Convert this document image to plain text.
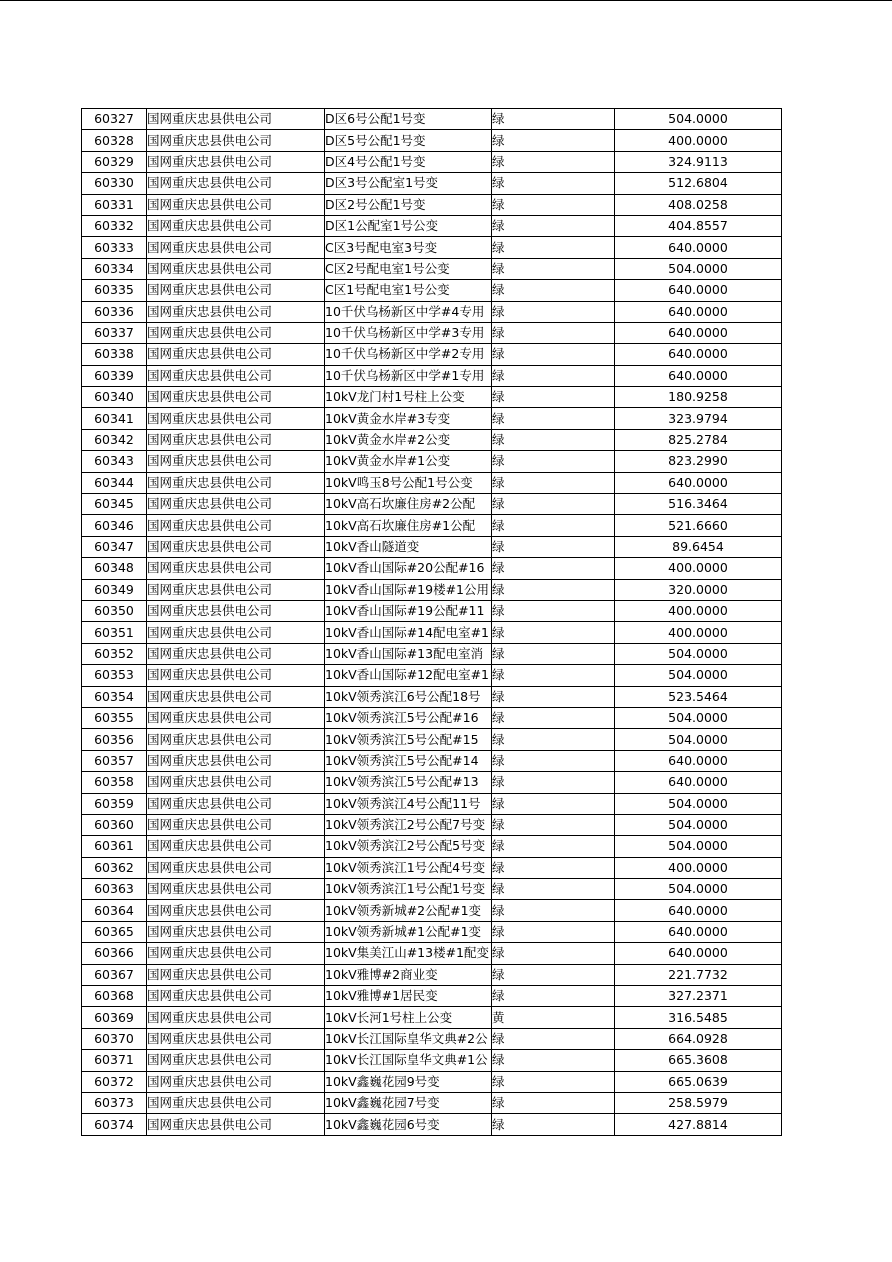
60327	国网重庆忠县供电公司	D区6号公配1号变	绿	504.0000
60328	国网重庆忠县供电公司	D区5号公配1号变	绿	400.0000
60329	国网重庆忠县供电公司	D区4号公配1号变	绿	324.9113
60330	国网重庆忠县供电公司	D区3号公配室1号变	绿	512.6804
60331	国网重庆忠县供电公司	D区2号公配1号变	绿	408.0258
60332	国网重庆忠县供电公司	D区1公配室1号公变	绿	404.8557
60333	国网重庆忠县供电公司	C区3号配电室3号变	绿	640.0000
60334	国网重庆忠县供电公司	C区2号配电室1号公变	绿	504.0000
60335	国网重庆忠县供电公司	C区1号配电室1号公变	绿	640.0000
60336	国网重庆忠县供电公司	10千伏乌杨新区中学#4专用	绿	640.0000
60337	国网重庆忠县供电公司	10千伏乌杨新区中学#3专用	绿	640.0000
60338	国网重庆忠县供电公司	10千伏乌杨新区中学#2专用	绿	640.0000
60339	国网重庆忠县供电公司	10千伏乌杨新区中学#1专用	绿	640.0000
60340	国网重庆忠县供电公司	10kV龙门村1号柱上公变	绿	180.9258
60341	国网重庆忠县供电公司	10kV黄金水岸#3专变	绿	323.9794
60342	国网重庆忠县供电公司	10kV黄金水岸#2公变	绿	825.2784
60343	国网重庆忠县供电公司	10kV黄金水岸#1公变	绿	823.2990
60344	国网重庆忠县供电公司	10kV鸣玉8号公配1号公变	绿	640.0000
60345	国网重庆忠县供电公司	10kV高石坎廉住房#2公配	绿	516.3464
60346	国网重庆忠县供电公司	10kV高石坎廉住房#1公配	绿	521.6660
60347	国网重庆忠县供电公司	10kV香山隧道变	绿	89.6454
60348	国网重庆忠县供电公司	10kV香山国际#20公配#16	绿	400.0000
60349	国网重庆忠县供电公司	10kV香山国际#19楼#1公用	绿	320.0000
60350	国网重庆忠县供电公司	10kV香山国际#19公配#11	绿	400.0000
60351	国网重庆忠县供电公司	10kV香山国际#14配电室#1	绿	400.0000
60352	国网重庆忠县供电公司	10kV香山国际#13配电室消	绿	504.0000
60353	国网重庆忠县供电公司	10kV香山国际#12配电室#1	绿	504.0000
60354	国网重庆忠县供电公司	10kV领秀滨江6号公配18号	绿	523.5464
60355	国网重庆忠县供电公司	10kV领秀滨江5号公配#16	绿	504.0000
60356	国网重庆忠县供电公司	10kV领秀滨江5号公配#15	绿	504.0000
60357	国网重庆忠县供电公司	10kV领秀滨江5号公配#14	绿	640.0000
60358	国网重庆忠县供电公司	10kV领秀滨江5号公配#13	绿	640.0000
60359	国网重庆忠县供电公司	10kV领秀滨江4号公配11号	绿	504.0000
60360	国网重庆忠县供电公司	10kV领秀滨江2号公配7号变	绿	504.0000
60361	国网重庆忠县供电公司	10kV领秀滨江2号公配5号变	绿	504.0000
60362	国网重庆忠县供电公司	10kV领秀滨江1号公配4号变	绿	400.0000
60363	国网重庆忠县供电公司	10kV领秀滨江1号公配1号变	绿	504.0000
60364	国网重庆忠县供电公司	10kV领秀新城#2公配#1变	绿	640.0000
60365	国网重庆忠县供电公司	10kV领秀新城#1公配#1变	绿	640.0000
60366	国网重庆忠县供电公司	10kV集美江山#13楼#1配变	绿	640.0000
60367	国网重庆忠县供电公司	10kV雅博#2商业变	绿	221.7732
60368	国网重庆忠县供电公司	10kV雅博#1居民变	绿	327.2371
60369	国网重庆忠县供电公司	10kV长河1号柱上公变	黄	316.5485
60370	国网重庆忠县供电公司	10kV长江国际皇华文典#2公	绿	664.0928
60371	国网重庆忠县供电公司	10kV长江国际皇华文典#1公	绿	665.3608
60372	国网重庆忠县供电公司	10kV鑫巍花园9号变	绿	665.0639
60373	国网重庆忠县供电公司	10kV鑫巍花园7号变	绿	258.5979
60374	国网重庆忠县供电公司	10kV鑫巍花园6号变	绿	427.8814
